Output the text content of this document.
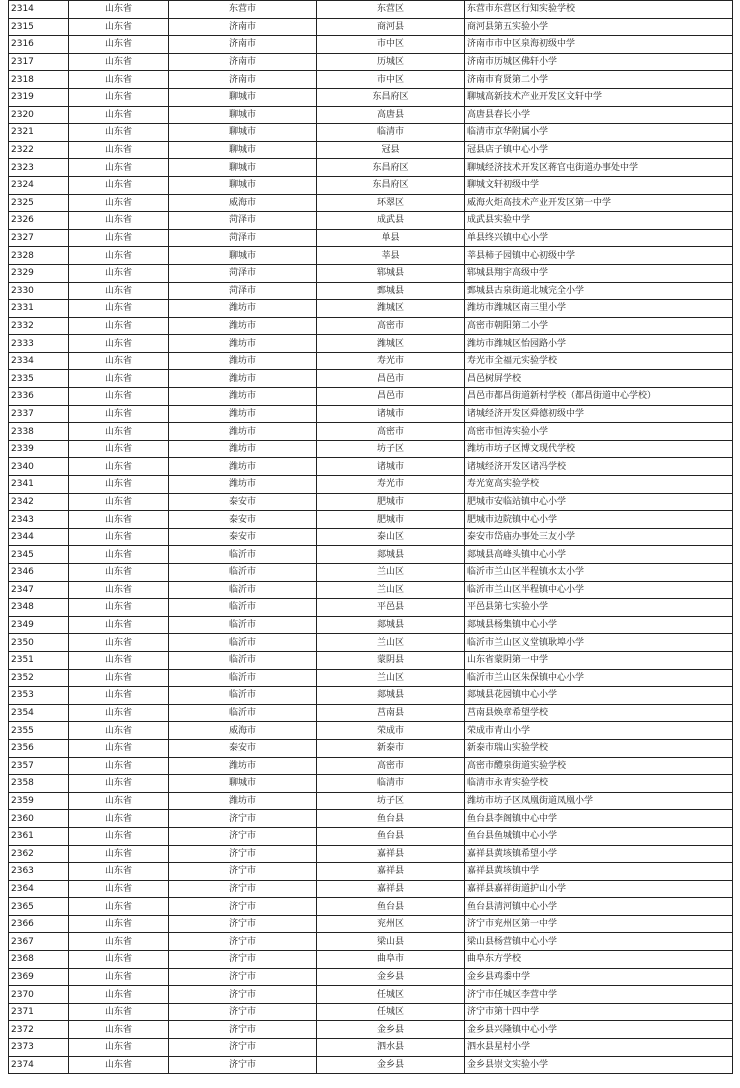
2314	山东省	东营市	东营区	东营市东营区行知实验学校
2315	山东省	济南市	商河县	商河县第五实验小学
2316	山东省	济南市	市中区	济南市市中区泉海初级中学
2317	山东省	济南市	历城区	济南市历城区佛轩小学
2318	山东省	济南市	市中区	济南市育贤第二小学
2319	山东省	聊城市	东昌府区	聊城高新技术产业开发区文轩中学
2320	山东省	聊城市	高唐县	高唐县春长小学
2321	山东省	聊城市	临清市	临清市京华附属小学
2322	山东省	聊城市	冠县	冠县店子镇中心小学
2323	山东省	聊城市	东昌府区	聊城经济技术开发区蒋官屯街道办事处中学
2324	山东省	聊城市	东昌府区	聊城文轩初级中学
2325	山东省	威海市	环翠区	威海火炬高技术产业开发区第一中学
2326	山东省	菏泽市	成武县	成武县实验中学
2327	山东省	菏泽市	单县	单县终兴镇中心小学
2328	山东省	聊城市	莘县	莘县柿子园镇中心初级中学
2329	山东省	菏泽市	郓城县	郓城县翔宇高级中学
2330	山东省	菏泽市	鄄城县	鄄城县古泉街道北城完全小学
2331	山东省	潍坊市	潍城区	潍坊市潍城区南三里小学
2332	山东省	潍坊市	高密市	高密市朝阳第二小学
2333	山东省	潍坊市	潍城区	潍坊市潍城区怡园路小学
2334	山东省	潍坊市	寿光市	寿光市全福元实验学校
2335	山东省	潍坊市	昌邑市	昌邑树屏学校
2336	山东省	潍坊市	昌邑市	昌邑市都昌街道新村学校（都昌街道中心学校）
2337	山东省	潍坊市	诸城市	诸城经济开发区舜德初级中学
2338	山东省	潍坊市	高密市	高密市恒涛实验小学
2339	山东省	潍坊市	坊子区	潍坊市坊子区博文现代学校
2340	山东省	潍坊市	诸城市	诸城经济开发区诸冯学校
2341	山东省	潍坊市	寿光市	寿光宽高实验学校
2342	山东省	泰安市	肥城市	肥城市安临站镇中心小学
2343	山东省	泰安市	肥城市	肥城市边院镇中心小学
2344	山东省	泰安市	泰山区	泰安市岱庙办事处三友小学
2345	山东省	临沂市	郯城县	郯城县高峰头镇中心小学
2346	山东省	临沂市	兰山区	临沂市兰山区半程镇水太小学
2347	山东省	临沂市	兰山区	临沂市兰山区半程镇中心小学
2348	山东省	临沂市	平邑县	平邑县第七实验小学
2349	山东省	临沂市	郯城县	郯城县杨集镇中心小学
2350	山东省	临沂市	兰山区	临沂市兰山区义堂镇耿埠小学
2351	山东省	临沂市	蒙阴县	山东省蒙阴第一中学
2352	山东省	临沂市	兰山区	临沂市兰山区朱保镇中心小学
2353	山东省	临沂市	郯城县	郯城县花园镇中心小学
2354	山东省	临沂市	莒南县	莒南县焕章希望学校
2355	山东省	威海市	荣成市	荣成市青山小学
2356	山东省	泰安市	新泰市	新泰市瑞山实验学校
2357	山东省	潍坊市	高密市	高密市醴泉街道实验学校
2358	山东省	聊城市	临清市	临清市永青实验学校
2359	山东省	潍坊市	坊子区	潍坊市坊子区凤凰街道凤凰小学
2360	山东省	济宁市	鱼台县	鱼台县李阁镇中心中学
2361	山东省	济宁市	鱼台县	鱼台县鱼城镇中心小学
2362	山东省	济宁市	嘉祥县	嘉祥县黄垓镇希望小学
2363	山东省	济宁市	嘉祥县	嘉祥县黄垓镇中学
2364	山东省	济宁市	嘉祥县	嘉祥县嘉祥街道护山小学
2365	山东省	济宁市	鱼台县	鱼台县清河镇中心小学
2366	山东省	济宁市	兖州区	济宁市兖州区第一中学
2367	山东省	济宁市	梁山县	梁山县杨营镇中心小学
2368	山东省	济宁市	曲阜市	曲阜东方学校
2369	山东省	济宁市	金乡县	金乡县鸡黍中学
2370	山东省	济宁市	任城区	济宁市任城区李营中学
2371	山东省	济宁市	任城区	济宁市第十四中学
2372	山东省	济宁市	金乡县	金乡县兴隆镇中心小学
2373	山东省	济宁市	泗水县	泗水县星村小学
2374	山东省	济宁市	金乡县	金乡县崇文实验小学
